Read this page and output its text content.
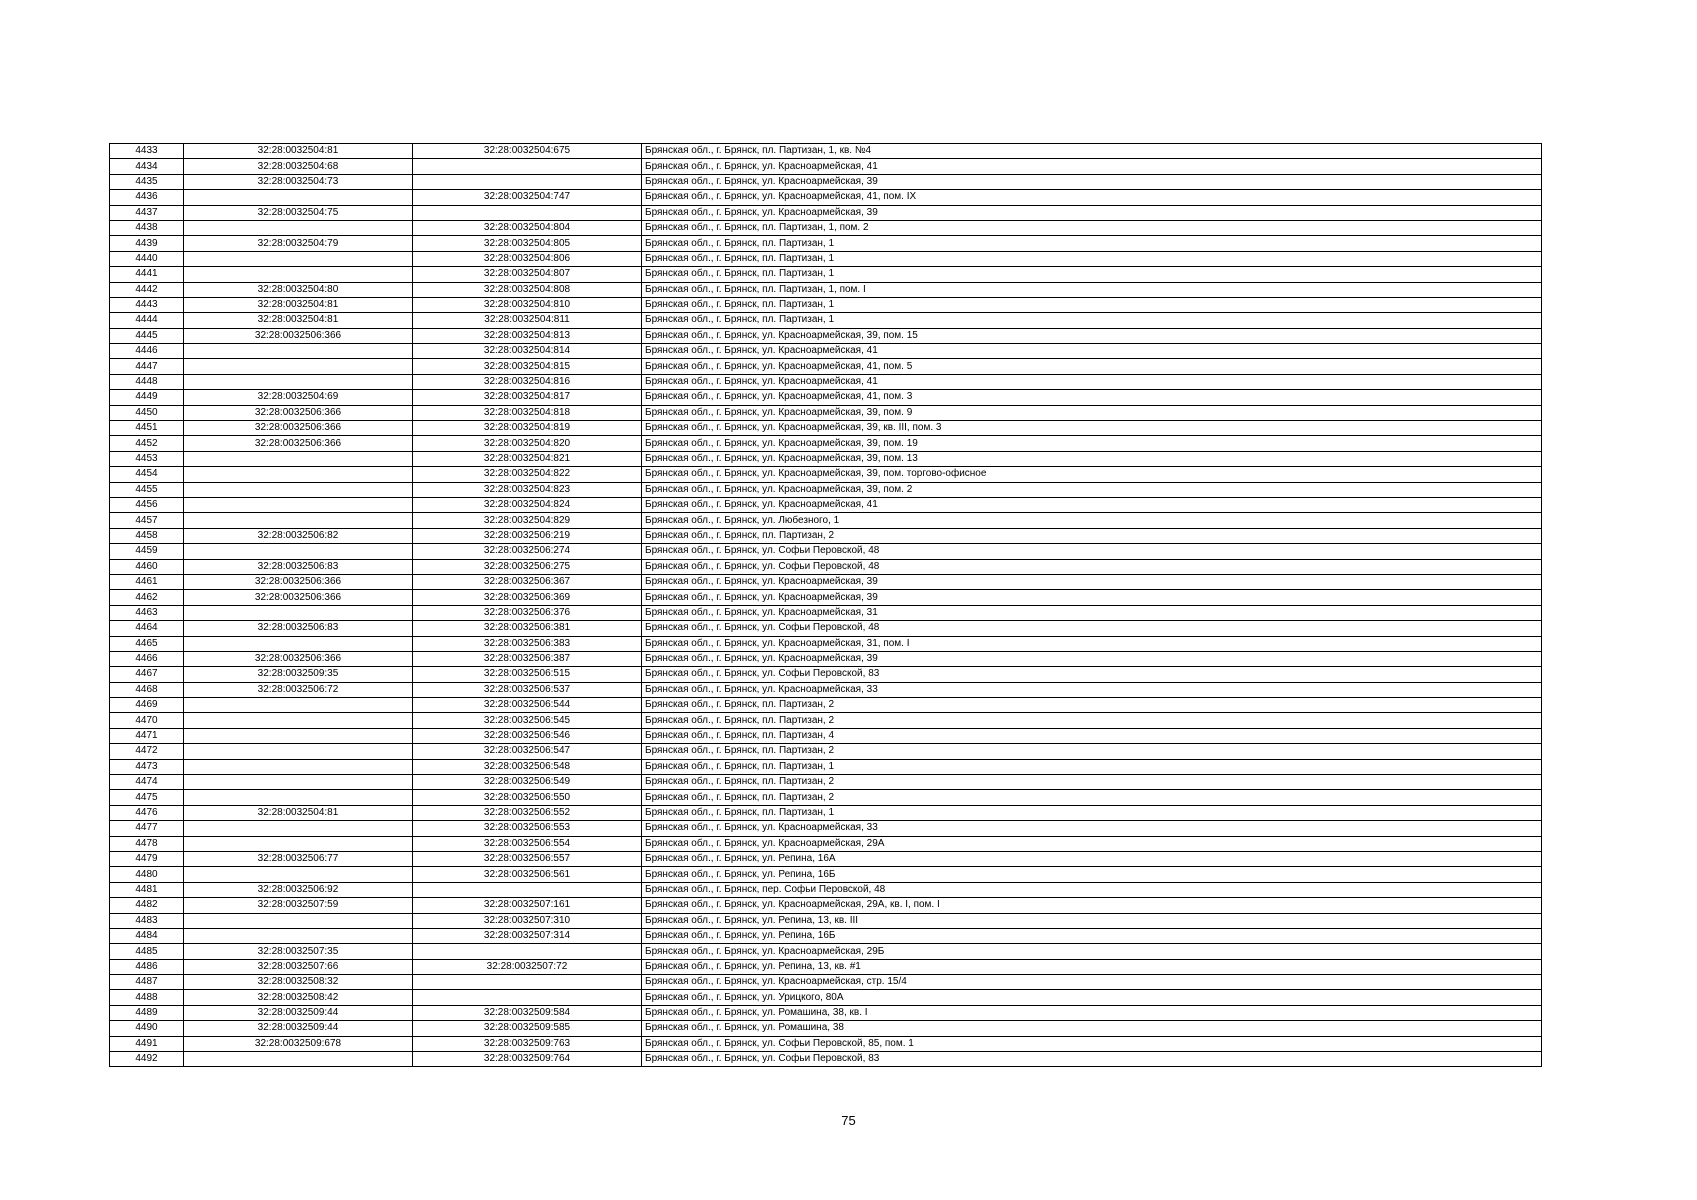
4433	32:28:0032504:81	32:28:0032504:675	Брянская обл., г. Брянск, пл. Партизан, 1, кв. №4
4434	32:28:0032504:68		Брянская обл., г. Брянск, ул. Красноармейская, 41
4435	32:28:0032504:73		Брянская обл., г. Брянск, ул. Красноармейская, 39
4436		32:28:0032504:747	Брянская обл., г. Брянск, ул. Красноармейская, 41, пом. IX
4437	32:28:0032504:75		Брянская обл., г. Брянск, ул. Красноармейская, 39
4438		32:28:0032504:804	Брянская обл., г. Брянск, пл. Партизан, 1, пом. 2
4439	32:28:0032504:79	32:28:0032504:805	Брянская обл., г. Брянск, пл. Партизан, 1
4440		32:28:0032504:806	Брянская обл., г. Брянск, пл. Партизан, 1
4441		32:28:0032504:807	Брянская обл., г. Брянск, пл. Партизан, 1
4442	32:28:0032504:80	32:28:0032504:808	Брянская обл., г. Брянск, пл. Партизан, 1, пом. I
4443	32:28:0032504:81	32:28:0032504:810	Брянская обл., г. Брянск, пл. Партизан, 1
4444	32:28:0032504:81	32:28:0032504:811	Брянская обл., г. Брянск, пл. Партизан, 1
4445	32:28:0032506:366	32:28:0032504:813	Брянская обл., г. Брянск, ул. Красноармейская, 39, пом. 15
4446		32:28:0032504:814	Брянская обл., г. Брянск, ул. Красноармейская, 41
4447		32:28:0032504:815	Брянская обл., г. Брянск, ул. Красноармейская, 41, пом. 5
4448		32:28:0032504:816	Брянская обл., г. Брянск, ул. Красноармейская, 41
4449	32:28:0032504:69	32:28:0032504:817	Брянская обл., г. Брянск, ул. Красноармейская, 41, пом. 3
4450	32:28:0032506:366	32:28:0032504:818	Брянская обл., г. Брянск, ул. Красноармейская, 39, пом. 9
4451	32:28:0032506:366	32:28:0032504:819	Брянская обл., г. Брянск, ул. Красноармейская, 39, кв. III, пом. 3
4452	32:28:0032506:366	32:28:0032504:820	Брянская обл., г. Брянск, ул. Красноармейская, 39, пом. 19
4453		32:28:0032504:821	Брянская обл., г. Брянск, ул. Красноармейская, 39, пом. 13
4454		32:28:0032504:822	Брянская обл., г. Брянск, ул. Красноармейская, 39, пом. торгово-офисное
4455		32:28:0032504:823	Брянская обл., г. Брянск, ул. Красноармейская, 39, пом. 2
4456		32:28:0032504:824	Брянская обл., г. Брянск, ул. Красноармейская, 41
4457		32:28:0032504:829	Брянская обл., г. Брянск, ул. Любезного, 1
4458	32:28:0032506:82	32:28:0032506:219	Брянская обл., г. Брянск, пл. Партизан, 2
4459		32:28:0032506:274	Брянская обл., г. Брянск, ул. Софьи Перовской, 48
4460	32:28:0032506:83	32:28:0032506:275	Брянская обл., г. Брянск, ул. Софьи Перовской, 48
4461	32:28:0032506:366	32:28:0032506:367	Брянская обл., г. Брянск, ул. Красноармейская, 39
4462	32:28:0032506:366	32:28:0032506:369	Брянская обл., г. Брянск, ул. Красноармейская, 39
4463		32:28:0032506:376	Брянская обл., г. Брянск, ул. Красноармейская, 31
4464	32:28:0032506:83	32:28:0032506:381	Брянская обл., г. Брянск, ул. Софьи Перовской, 48
4465		32:28:0032506:383	Брянская обл., г. Брянск, ул. Красноармейская, 31, пом. I
4466	32:28:0032506:366	32:28:0032506:387	Брянская обл., г. Брянск, ул. Красноармейская, 39
4467	32:28:0032509:35	32:28:0032506:515	Брянская обл., г. Брянск, ул. Софьи Перовской, 83
4468	32:28:0032506:72	32:28:0032506:537	Брянская обл., г. Брянск, ул. Красноармейская, 33
4469		32:28:0032506:544	Брянская обл., г. Брянск, пл. Партизан, 2
4470		32:28:0032506:545	Брянская обл., г. Брянск, пл. Партизан, 2
4471		32:28:0032506:546	Брянская обл., г. Брянск, пл. Партизан, 4
4472		32:28:0032506:547	Брянская обл., г. Брянск, пл. Партизан, 2
4473		32:28:0032506:548	Брянская обл., г. Брянск, пл. Партизан, 1
4474		32:28:0032506:549	Брянская обл., г. Брянск, пл. Партизан, 2
4475		32:28:0032506:550	Брянская обл., г. Брянск, пл. Партизан, 2
4476	32:28:0032504:81	32:28:0032506:552	Брянская обл., г. Брянск, пл. Партизан, 1
4477		32:28:0032506:553	Брянская обл., г. Брянск, ул. Красноармейская, 33
4478		32:28:0032506:554	Брянская обл., г. Брянск, ул. Красноармейская, 29А
4479	32:28:0032506:77	32:28:0032506:557	Брянская обл., г. Брянск, ул. Репина, 16А
4480		32:28:0032506:561	Брянская обл., г. Брянск, ул. Репина, 16Б
4481	32:28:0032506:92		Брянская обл., г. Брянск, пер. Софьи Перовской, 48
4482	32:28:0032507:59	32:28:0032507:161	Брянская обл., г. Брянск, ул. Красноармейская, 29А, кв. I, пом. I
4483		32:28:0032507:310	Брянская обл., г. Брянск, ул. Репина, 13, кв. III
4484		32:28:0032507:314	Брянская обл., г. Брянск, ул. Репина, 16Б
4485	32:28:0032507:35		Брянская обл., г. Брянск, ул. Красноармейская, 29Б
4486	32:28:0032507:66	32:28:0032507:72	Брянская обл., г. Брянск, ул. Репина, 13, кв. #1
4487	32:28:0032508:32		Брянская обл., г. Брянск, ул. Красноармейская, стр. 15/4
4488	32:28:0032508:42		Брянская обл., г. Брянск, ул. Урицкого, 80А
4489	32:28:0032509:44	32:28:0032509:584	Брянская обл., г. Брянск, ул. Ромашина, 38, кв. I
4490	32:28:0032509:44	32:28:0032509:585	Брянская обл., г. Брянск, ул. Ромашина, 38
4491	32:28:0032509:678	32:28:0032509:763	Брянская обл., г. Брянск, ул. Софьи Перовской, 85, пом. 1
4492		32:28:0032509:764	Брянская обл., г. Брянск, ул. Софьи Перовской, 83
75
